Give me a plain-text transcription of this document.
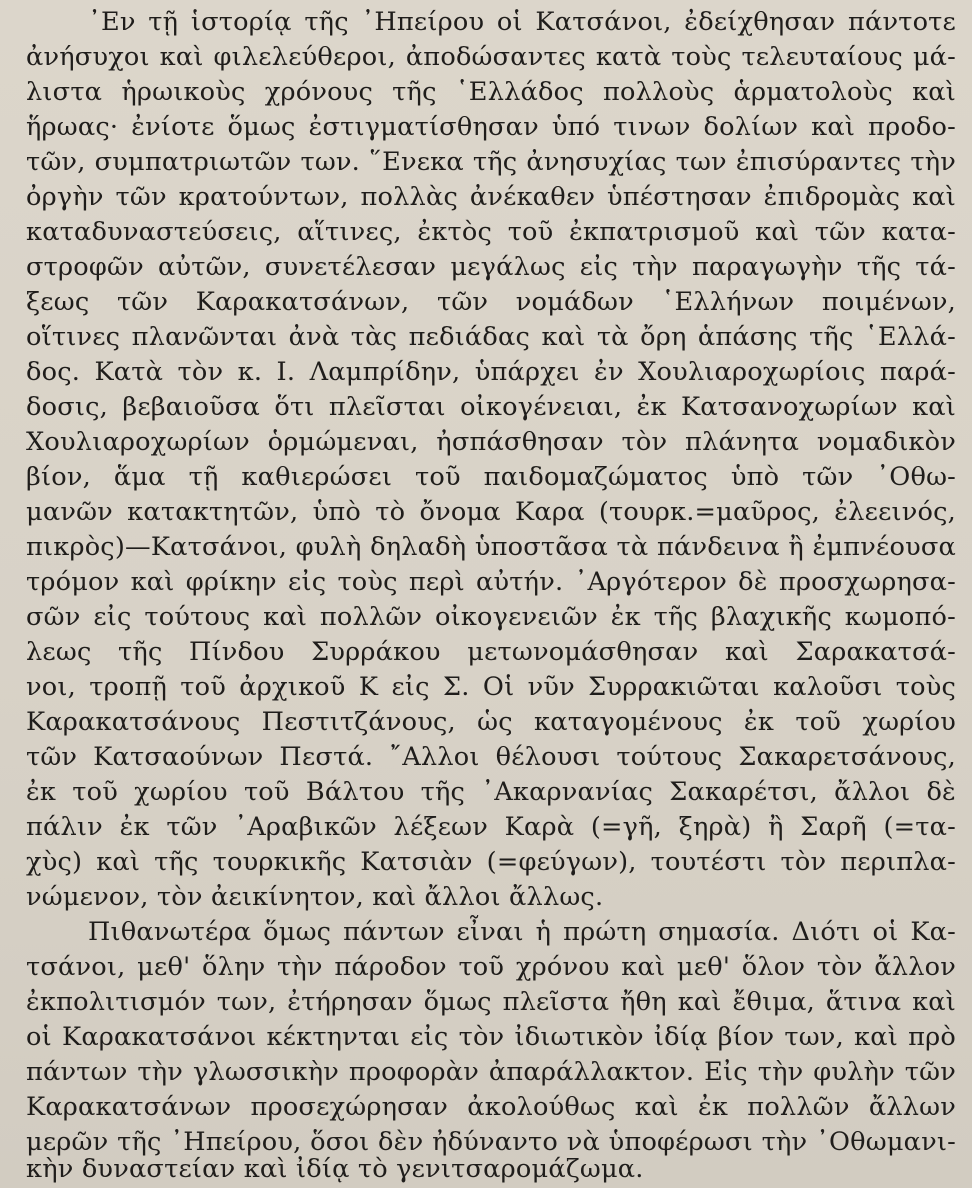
᾿Εν τῇ ἱστορίᾳ τῆς ᾿Ηπείρου οἱ Κατσάνοι, ἐδείχθησαν πάντοτε
ἀνήσυχοι καὶ φιλελεύθεροι, ἀποδώσαντες κατὰ τοὺς τελευταίους μά-
λιστα ἡρωικοὺς χρόνους τῆς ῾Ελλάδος πολλοὺς ἁρματολοὺς καὶ
ἥρωας· ἐνίοτε ὅμως ἐστιγματίσθησαν ὑπό τινων δολίων καὶ προδο-
τῶν, συμπατριωτῶν των. ῞Ενεκα τῆς ἀνησυχίας των ἐπισύραντες τὴν
ὀργὴν τῶν κρατούντων, πολλὰς ἀνέκαθεν ὑπέστησαν ἐπιδρομὰς καὶ
καταδυναστεύσεις, αἵτινες, ἐκτὸς τοῦ ἐκπατρισμοῦ καὶ τῶν κατα-
στροφῶν αὐτῶν, συνετέλεσαν μεγάλως εἰς τὴν παραγωγὴν τῆς τά-
ξεως τῶν Καρακατσάνων, τῶν νομάδων ῾Ελλήνων ποιμένων,
οἵτινες πλανῶνται ἀνὰ τὰς πεδιάδας καὶ τὰ ὄρη ἁπάσης τῆς ῾Ελλά-
δος. Κατὰ τὸν κ. Ι. Λαμπρίδην, ὑπάρχει ἐν Χουλιαροχωρίοις παρά-
δοσις, βεβαιοῦσα ὅτι πλεῖσται οἰκογένειαι, ἐκ Κατσανοχωρίων καὶ
Χουλιαροχωρίων ὁρμώμεναι, ἠσπάσθησαν τὸν πλάνητα νομαδικὸν
βίον, ἅμα τῇ καθιερώσει τοῦ παιδομαζώματος ὑπὸ τῶν ᾿Οθω-
μανῶν κατακτητῶν, ὑπὸ τὸ ὄνομα Καρα (τουρκ.=μαῦρος, ἐλεεινός,
πικρὸς)—Κατσάνοι, φυλὴ δηλαδὴ ὑποστᾶσα τὰ πάνδεινα ἢ ἐμπνέουσα
τρόμον καὶ φρίκην εἰς τοὺς περὶ αὐτήν. ᾿Αργότερον δὲ προσχωρησα-
σῶν εἰς τούτους καὶ πολλῶν οἰκογενειῶν ἐκ τῆς βλαχικῆς κωμοπό-
λεως τῆς Πίνδου Συρράκου μετωνομάσθησαν καὶ Σαρακατσά-
νοι, τροπῇ τοῦ ἀρχικοῦ Κ εἰς Σ. Οἱ νῦν Συρρακιῶται καλοῦσι τοὺς
Καρακατσάνους Πεστιτζάνους, ὡς καταγομένους ἐκ τοῦ χωρίου
τῶν Κατσαούνων Πεστά. ῎Αλλοι θέλουσι τούτους Σακαρετσάνους,
ἐκ τοῦ χωρίου τοῦ Βάλτου τῆς ᾿Ακαρνανίας Σακαρέτσι, ἄλλοι δὲ
πάλιν ἐκ τῶν ᾿Αραβικῶν λέξεων Καρὰ (=γῆ, ξηρὰ) ἢ Σαρῆ (=τα-
χὺς) καὶ τῆς τουρκικῆς Κατσιὰν (=φεύγων), τουτέστι τὸν περιπλα-
νώμενον, τὸν ἀεικίνητον, καὶ ἄλλοι ἄλλως.
Πιθανωτέρα ὅμως πάντων εἶναι ἡ πρώτη σημασία. Διότι οἱ Κα-
τσάνοι, μεθ' ὅλην τὴν πάροδον τοῦ χρόνου καὶ μεθ' ὅλον τὸν ἄλλον
ἐκπολιτισμόν των, ἐτήρησαν ὅμως πλεῖστα ἤθη καὶ ἔθιμα, ἅτινα καὶ
οἱ Καρακατσάνοι κέκτηνται εἰς τὸν ἰδιωτικὸν ἰδίᾳ βίον των, καὶ πρὸ
πάντων τὴν γλωσσικὴν προφορὰν ἀπαράλλακτον. Εἰς τὴν φυλὴν τῶν
Καρακατσάνων προσεχώρησαν ἀκολούθως καὶ ἐκ πολλῶν ἄλλων
μερῶν τῆς ᾿Ηπείρου, ὅσοι δὲν ἠδύναντο νὰ ὑποφέρωσι τὴν ᾿Οθωμανι-
κὴν δυναστείαν καὶ ἰδίᾳ τὸ γενιτσαρομάζωμα.
